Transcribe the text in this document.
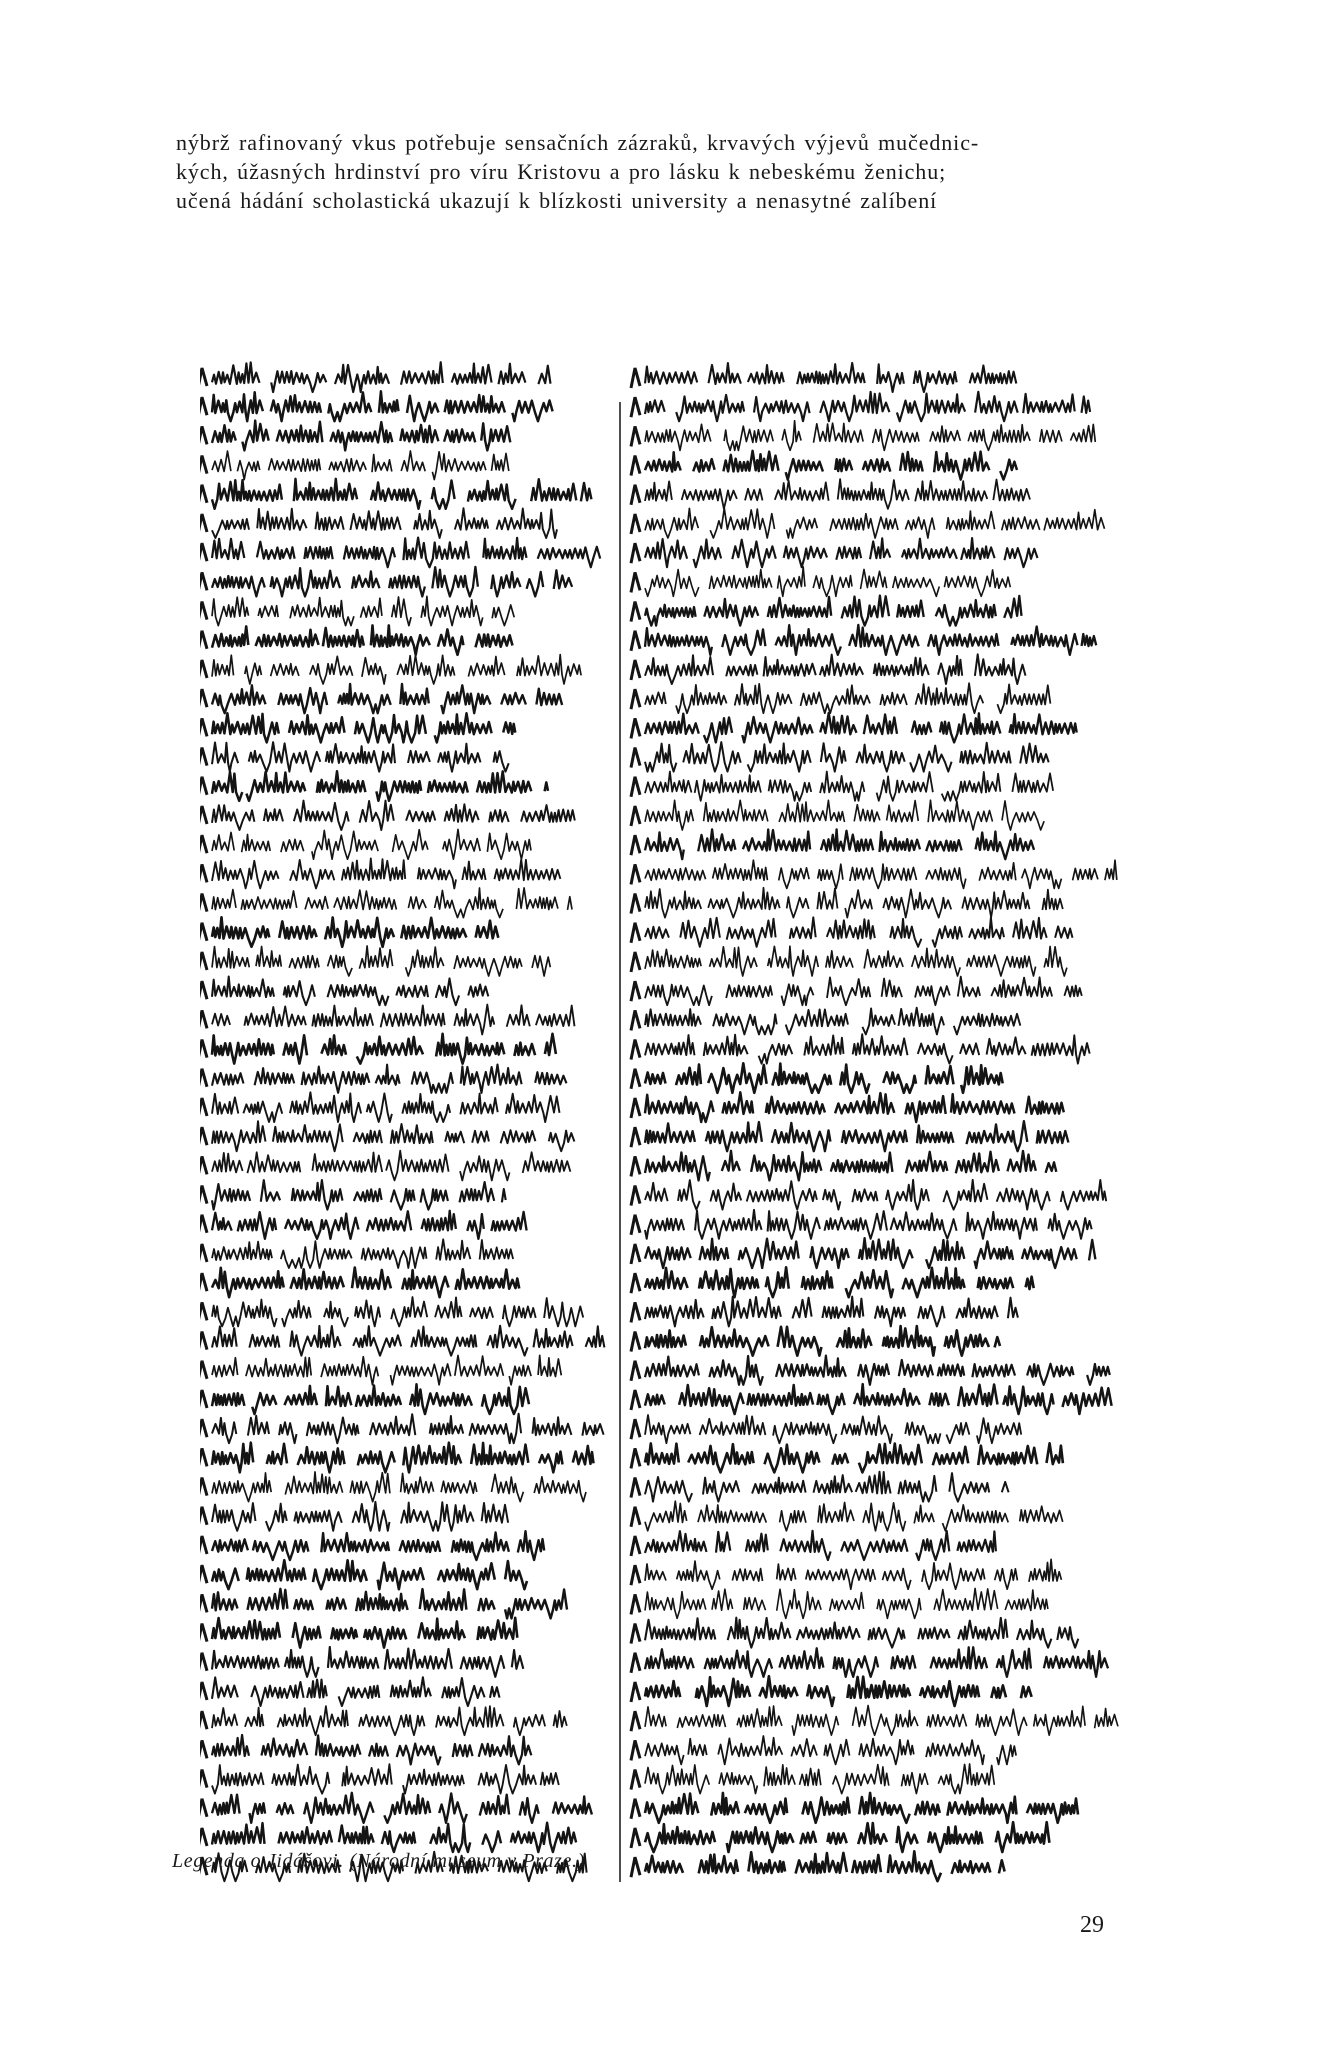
nýbrž rafinovaný vkus potřebuje sensačních zázraků, krvavých výjevů mučednic-
kých, úžasných hrdinství pro víru Kristovu a pro lásku k nebeskému ženichu;
učená hádání scholastická ukazují k blízkosti university a nenasytné zalíbení
Legenda o Jidášovi. (Národní museum v Praze.)
29
